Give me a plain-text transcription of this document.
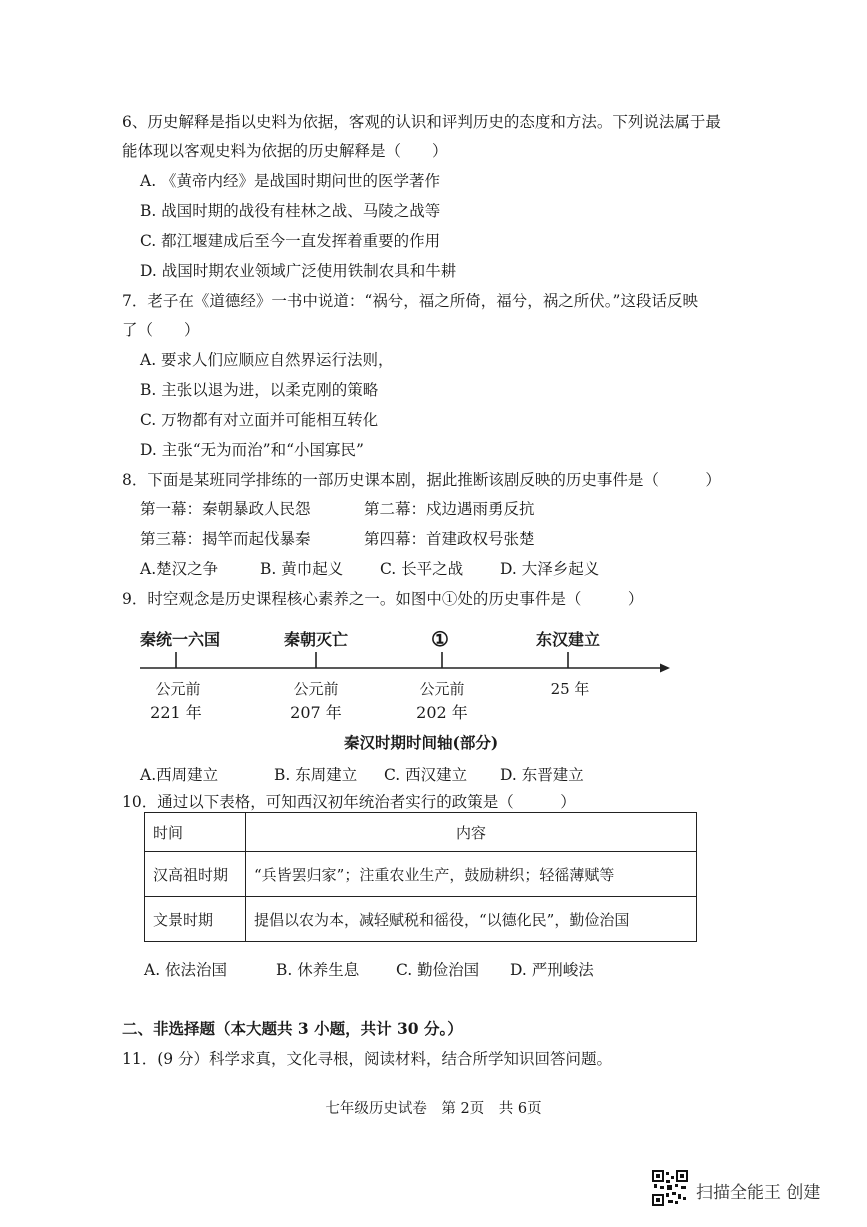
6、历史解释是指以史料为依据，客观的认识和评判历史的态度和方法。下列说法属于最
能体现以客观史料为依据的历史解释是（　　）
A. 《黄帝内经》是战国时期问世的医学著作
B. 战国时期的战役有桂林之战、马陵之战等
C. 都江堰建成后至今一直发挥着重要的作用
D. 战国时期农业领域广泛使用铁制农具和牛耕
7．老子在《道德经》一书中说道：“祸兮，福之所倚，福兮，祸之所伏。”这段话反映
了（　　）
A. 要求人们应顺应自然界运行法则，
B. 主张以退为进，以柔克刚的策略
C. 万物都有对立面并可能相互转化
D. 主张“无为而治”和“小国寡民”
8．下面是某班同学排练的一部历史课本剧，据此推断该剧反映的历史事件是（　　　）
第一幕：秦朝暴政人民怨	第二幕：戍边遇雨勇反抗
第三幕：揭竿而起伐暴秦	第四幕：首建政权号张楚
A.楚汉之争	B. 黄巾起义 C. 长平之战 D. 大泽乡起义
9．时空观念是历史课程核心素养之一。如图中①处的历史事件是（　　　）
秦统一六国	秦朝灭亡	①	东汉建立
公元前	公元前	公元前	25 年
221 年	207 年	202 年
秦汉时期时间轴(部分)
A.西周建立	B. 东周建立 C. 西汉建立 D. 东晋建立
10．通过以下表格，可知西汉初年统治者实行的政策是（　　　）
时间	内容
汉高祖时期	“兵皆罢归家”；注重农业生产，鼓励耕织；轻徭薄赋等
文景时期	提倡以农为本，减轻赋税和徭役，“以德化民”，勤俭治国
A. 依法治国	B. 休养生息 C. 勤俭治国 D. 严刑峻法
二、非选择题（本大题共 3 小题，共计 30 分。）
11．(9 分）科学求真，文化寻根，阅读材料，结合所学知识回答问题。
七年级历史试卷　第 2页　共 6页
扫描全能王 创建
